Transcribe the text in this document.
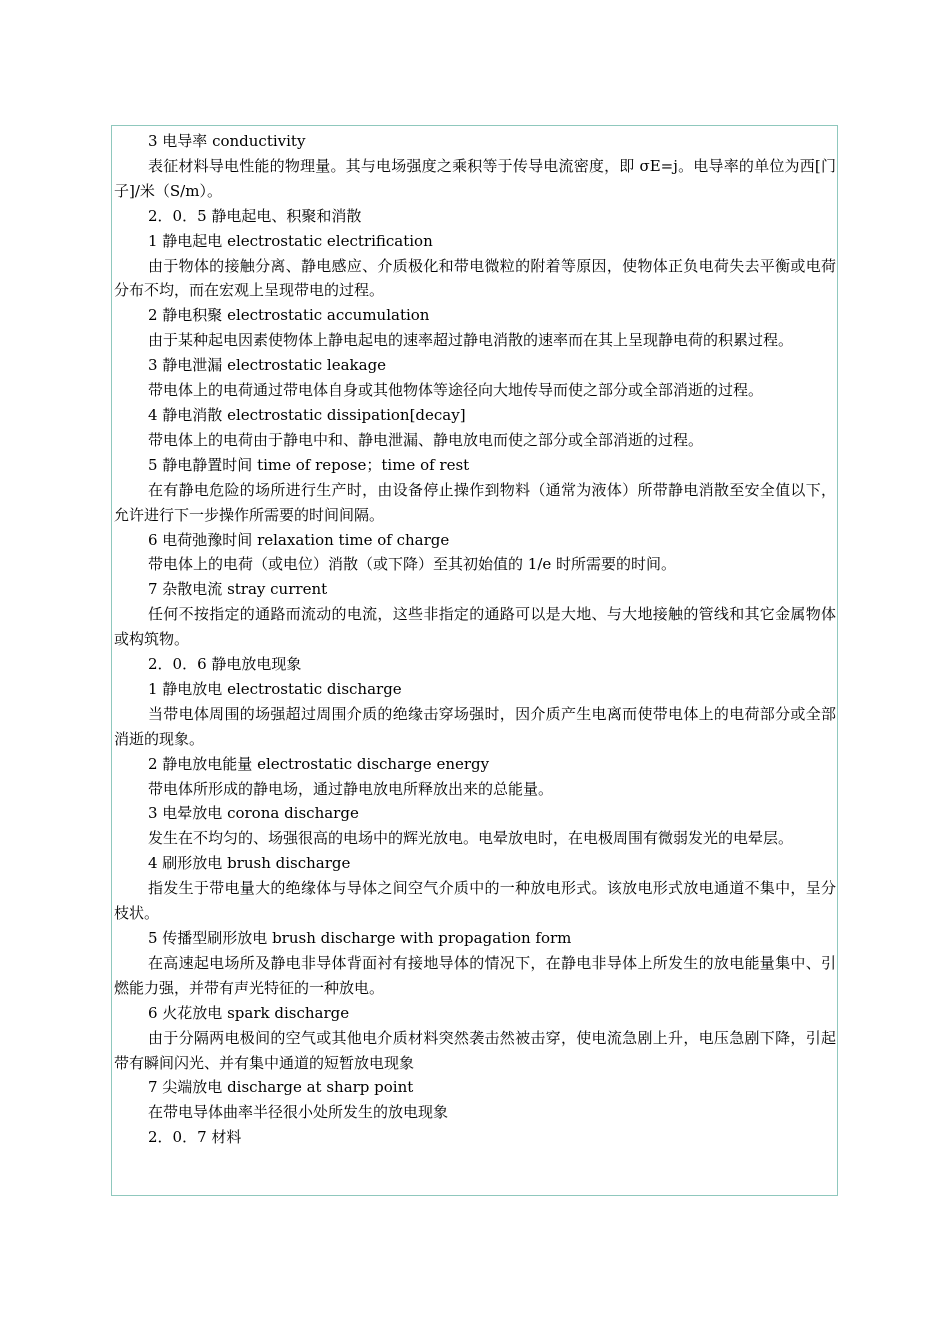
3 电导率 conductivity

表征材料导电性能的物理量。其与电场强度之乘积等于传导电流密度，即 σE=j。电导率的单位为西[门子]/米（S/m）。

2．0．5 静电起电、积聚和消散

1 静电起电 electrostatic electrification

由于物体的接触分离、静电感应、介质极化和带电微粒的附着等原因，使物体正负电荷失去平衡或电荷分布不均，而在宏观上呈现带电的过程。

2 静电积聚 electrostatic accumulation

由于某种起电因素使物体上静电起电的速率超过静电消散的速率而在其上呈现静电荷的积累过程。

3 静电泄漏 electrostatic leakage

带电体上的电荷通过带电体自身或其他物体等途径向大地传导而使之部分或全部消逝的过程。

4 静电消散 electrostatic dissipation[decay]

带电体上的电荷由于静电中和、静电泄漏、静电放电而使之部分或全部消逝的过程。

5 静电静置时间 time of repose；time of rest

在有静电危险的场所进行生产时，由设备停止操作到物料（通常为液体）所带静电消散至安全值以下，允许进行下一步操作所需要的时间间隔。

6 电荷弛豫时间 relaxation time of charge

带电体上的电荷（或电位）消散（或下降）至其初始值的 1/e 时所需要的时间。

7 杂散电流 stray current

任何不按指定的通路而流动的电流，这些非指定的通路可以是大地、与大地接触的管线和其它金属物体或构筑物。

2．0．6 静电放电现象

1 静电放电 electrostatic discharge

当带电体周围的场强超过周围介质的绝缘击穿场强时，因介质产生电离而使带电体上的电荷部分或全部消逝的现象。

2 静电放电能量 electrostatic discharge energy

带电体所形成的静电场，通过静电放电所释放出来的总能量。

3 电晕放电 corona discharge

发生在不均匀的、场强很高的电场中的辉光放电。电晕放电时，在电极周围有微弱发光的电晕层。

4 刷形放电 brush discharge

指发生于带电量大的绝缘体与导体之间空气介质中的一种放电形式。该放电形式放电通道不集中，呈分枝状。

5 传播型刷形放电 brush discharge with propagation form

在高速起电场所及静电非导体背面衬有接地导体的情况下，在静电非导体上所发生的放电能量集中、引燃能力强，并带有声光特征的一种放电。

6 火花放电 spark discharge

由于分隔两电极间的空气或其他电介质材料突然袭击然被击穿，使电流急剧上升，电压急剧下降，引起带有瞬间闪光、并有集中通道的短暂放电现象

7 尖端放电 discharge at sharp point

在带电导体曲率半径很小处所发生的放电现象

2．0．7 材料
